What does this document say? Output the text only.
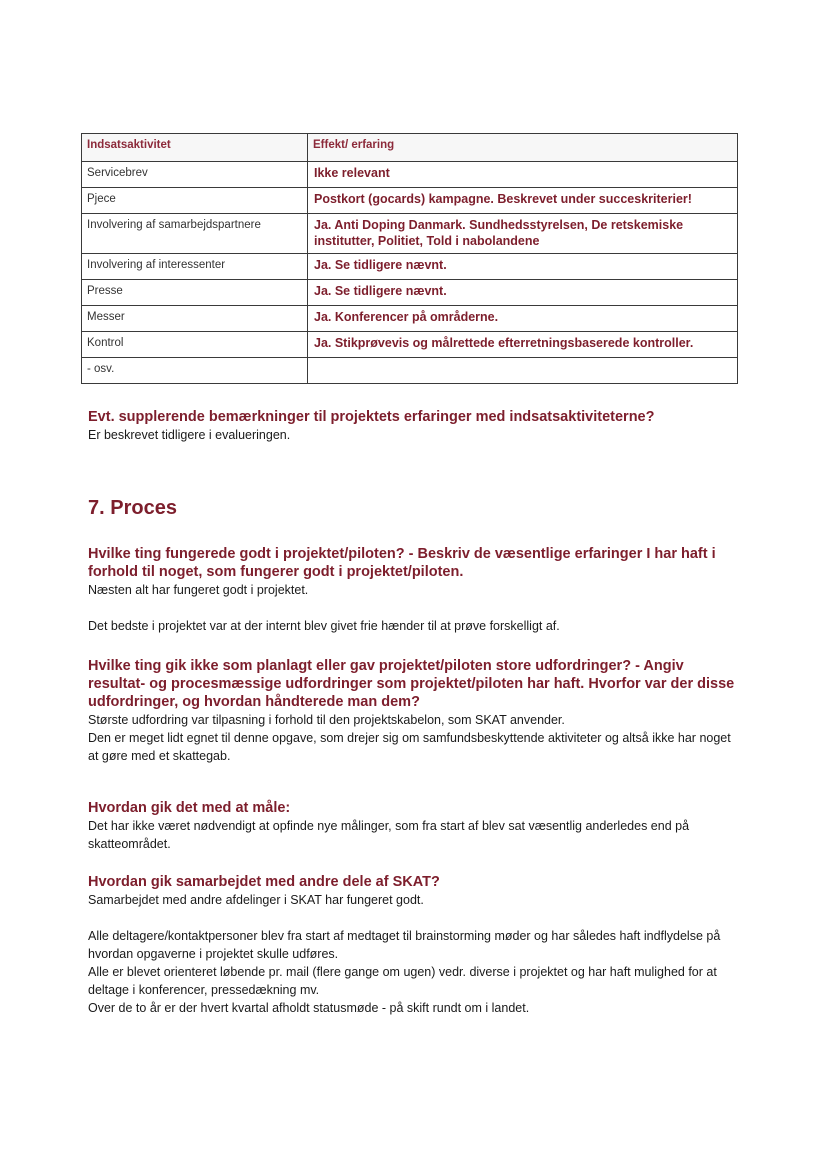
Indsatsaktivitet	Effekt/ erfaring
Servicebrev	Ikke relevant
Pjece	Postkort (gocards) kampagne. Beskrevet under succeskriterier!
Involvering af samarbejdspartnere	Ja. Anti Doping Danmark. Sundhedsstyrelsen, De retskemiske institutter, Politiet, Told i nabolandene
Involvering af interessenter	Ja. Se tidligere nævnt.
Presse	Ja. Se tidligere nævnt.
Messer	Ja. Konferencer på områderne.
Kontrol	Ja. Stikprøvevis og målrettede efterretningsbaserede kontroller.
- osv.	
Evt. supplerende bemærkninger til projektets erfaringer med indsatsaktiviteterne?
Er beskrevet tidligere i evalueringen.
7. Proces
Hvilke ting fungerede godt i projektet/piloten? - Beskriv de væsentlige erfaringer I har haft i forhold til noget, som fungerer godt i projektet/piloten.

Næsten alt har fungeret godt i projektet.

Det bedste i projektet var at der internt blev givet frie hænder til at prøve forskelligt af.

Hvilke ting gik ikke som planlagt eller gav projektet/piloten store udfordringer? - Angiv resultat- og procesmæssige udfordringer som projektet/piloten har haft. Hvorfor var der disse udfordringer, og hvordan håndterede man dem?

Største udfordring var tilpasning i forhold til den projektskabelon, som SKAT anvender.

Den er meget lidt egnet til denne opgave, som drejer sig om samfundsbeskyttende aktiviteter og altså ikke har noget at gøre med et skattegab.

Hvordan gik det med at måle:

Det har ikke været nødvendigt at opfinde nye målinger, som fra start af blev sat væsentlig anderledes end på skatteområdet.

Hvordan gik samarbejdet med andre dele af SKAT?

Samarbejdet med andre afdelinger i SKAT har fungeret godt.

Alle deltagere/kontaktpersoner blev fra start af medtaget til brainstorming møder og har således haft indflydelse på hvordan opgaverne i projektet skulle udføres.

Alle er blevet orienteret løbende pr. mail (flere gange om ugen) vedr. diverse i projektet og har haft mulighed for at deltage i konferencer, pressedækning mv.

Over de to år er der hvert kvartal afholdt statusmøde - på skift rundt om i landet.
